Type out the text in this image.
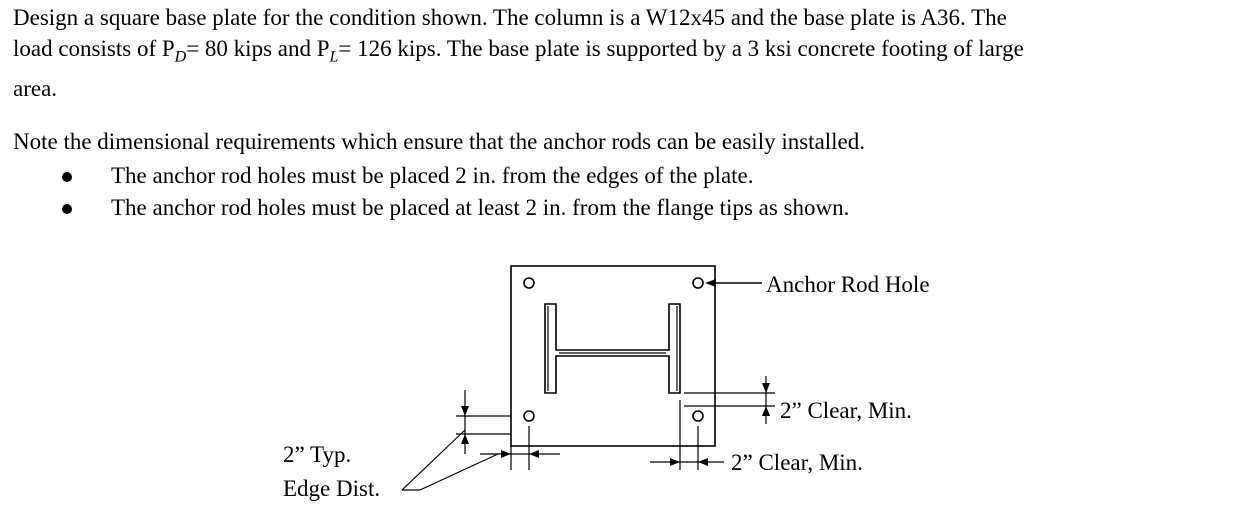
Design a square base plate for the condition shown. The column is a W12x45 and the base plate is A36. The
load consists of $P_D= 80$ kips and $P_L= 126$ kips. The base plate is supported by a 3 ksi concrete footing of large

area.
Note the dimensional requirements which ensure that the anchor rods can be easily installed.
The anchor rod holes must be placed 2 in. from the edges of the plate.
The anchor rod holes must be placed at least 2 in. from the flange tips as shown.
Anchor Rod Hole
2” Clear, Min.
2” Clear, Min.
2” Typ.
Edge Dist.
